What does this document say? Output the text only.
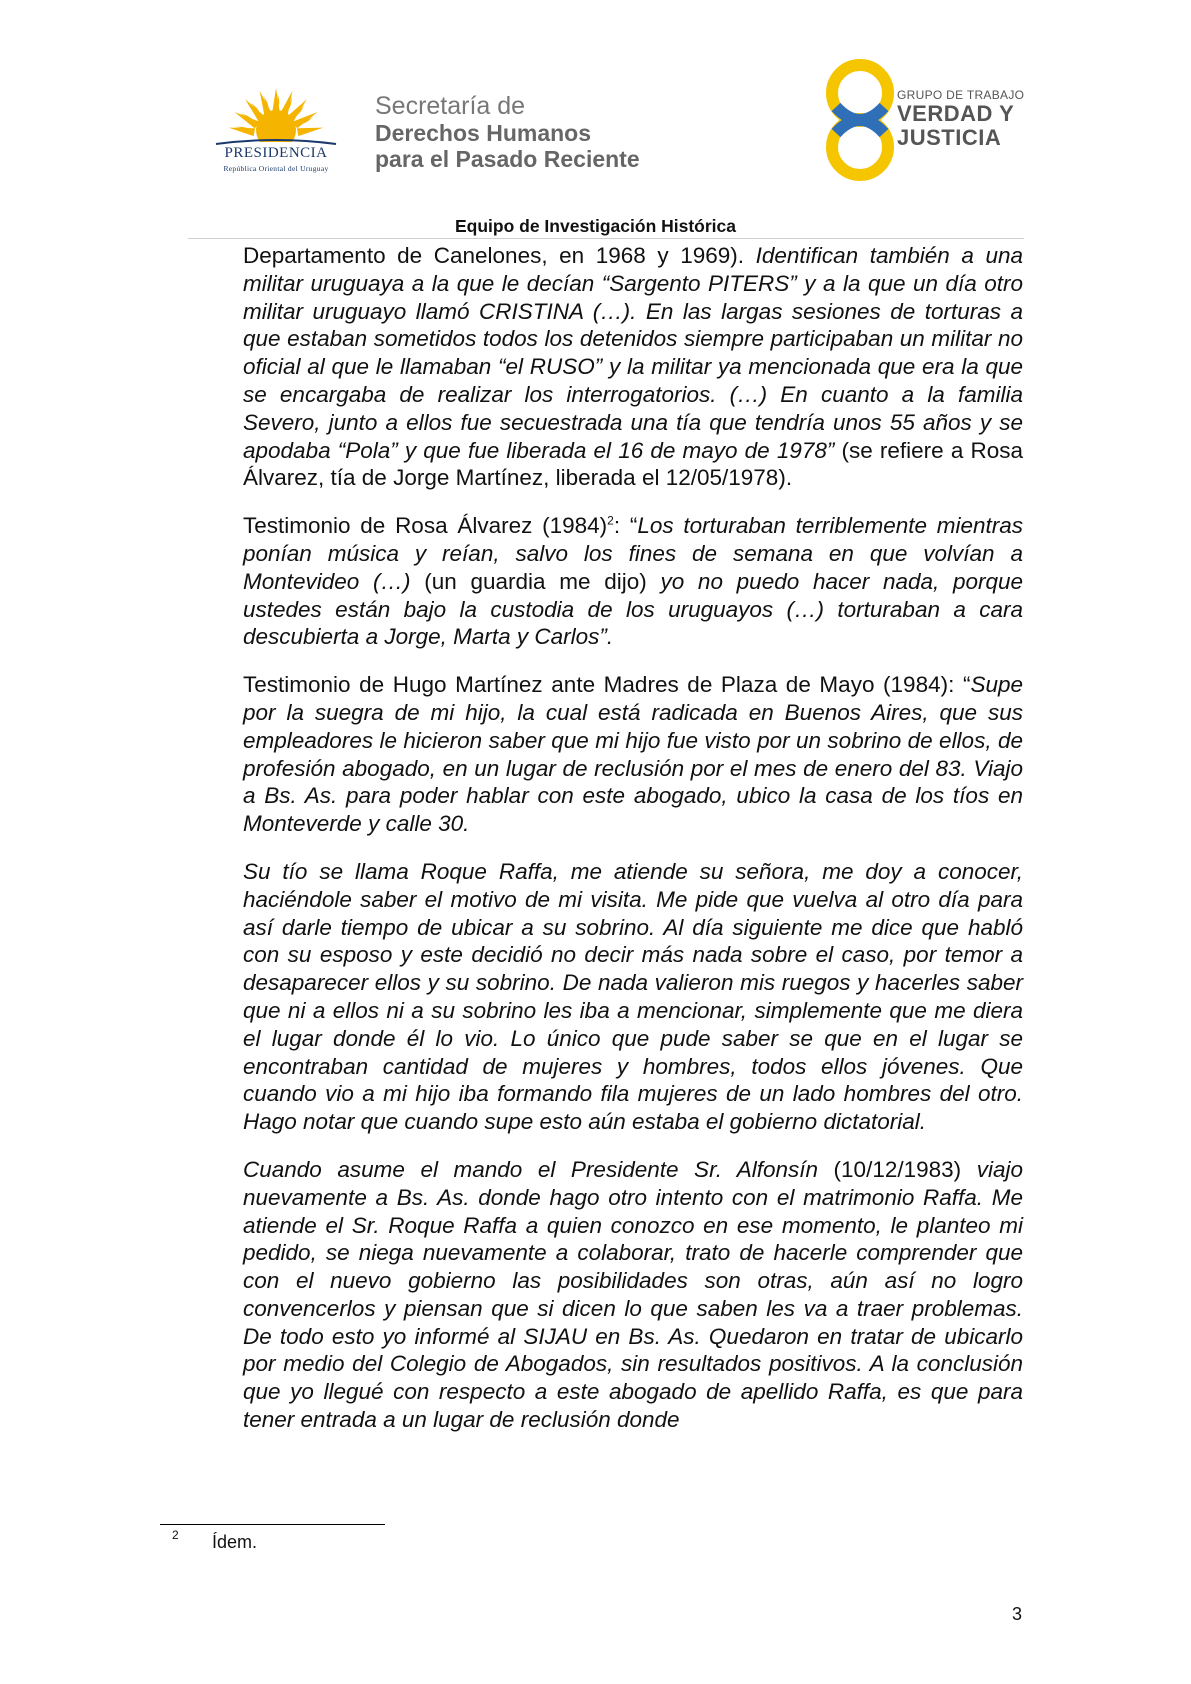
PRESIDENCIA
República Oriental del Uruguay
Secretaría de
Derechos Humanos
para el Pasado Reciente
GRUPO DE TRABAJO
VERDAD Y
JUSTICIA
Equipo de Investigación Histórica

Departamento de Canelones, en 1968 y 1969). Identifican también a una militar uruguaya a la que le decían “Sargento PITERS” y a la que un día otro militar uruguayo llamó CRISTINA (…). En las largas sesiones de torturas a que estaban sometidos todos los detenidos siempre participaban un militar no oficial al que le llamaban “el RUSO” y la militar ya mencionada que era la que se encargaba de realizar los interrogatorios. (…) En cuanto a la familia Severo, junto a ellos fue secuestrada una tía que tendría unos 55 años y se apodaba “Pola” y que fue liberada el 16 de mayo de 1978” (se refiere a Rosa Álvarez, tía de Jorge Martínez, liberada el 12/05/1978).

Testimonio de Rosa Álvarez $(1984)^2$: “Los torturaban terriblemente mientras ponían música y reían, salvo los fines de semana en que volvían a Montevideo (…) (un guardia me dijo) yo no puedo hacer nada, porque ustedes están bajo la custodia de los uruguayos (…) torturaban a cara descubierta a Jorge, Marta y Carlos”.

Testimonio de Hugo Martínez ante Madres de Plaza de Mayo (1984): “Supe por la suegra de mi hijo, la cual está radicada en Buenos Aires, que sus empleadores le hicieron saber que mi hijo fue visto por un sobrino de ellos, de profesión abogado, en un lugar de reclusión por el mes de enero del 83. Viajo a Bs. As. para poder hablar con este abogado, ubico la casa de los tíos en Monteverde y calle 30.

Su tío se llama Roque Raffa, me atiende su señora, me doy a conocer, haciéndole saber el motivo de mi visita. Me pide que vuelva al otro día para así darle tiempo de ubicar a su sobrino. Al día siguiente me dice que habló con su esposo y este decidió no decir más nada sobre el caso, por temor a desaparecer ellos y su sobrino. De nada valieron mis ruegos y hacerles saber que ni a ellos ni a su sobrino les iba a mencionar, simplemente que me diera el lugar donde él lo vio. Lo único que pude saber se que en el lugar se encontraban cantidad de mujeres y hombres, todos ellos jóvenes. Que cuando vio a mi hijo iba formando fila mujeres de un lado hombres del otro. Hago notar que cuando supe esto aún estaba el gobierno dictatorial.

Cuando asume el mando el Presidente Sr. Alfonsín (10/12/1983) viajo nuevamente a Bs. As. donde hago otro intento con el matrimonio Raffa. Me atiende el Sr. Roque Raffa a quien conozco en ese momento, le planteo mi pedido, se niega nuevamente a colaborar, trato de hacerle comprender que con el nuevo gobierno las posibilidades son otras, aún así no logro convencerlos y piensan que si dicen lo que saben les va a traer problemas. De todo esto yo informé al SIJAU en Bs. As. Quedaron en tratar de ubicarlo por medio del Colegio de Abogados, sin resultados positivos. A la conclusión que yo llegué con respecto a este abogado de apellido Raffa, es que para tener entrada a un lugar de reclusión donde

2 Ídem.
3
